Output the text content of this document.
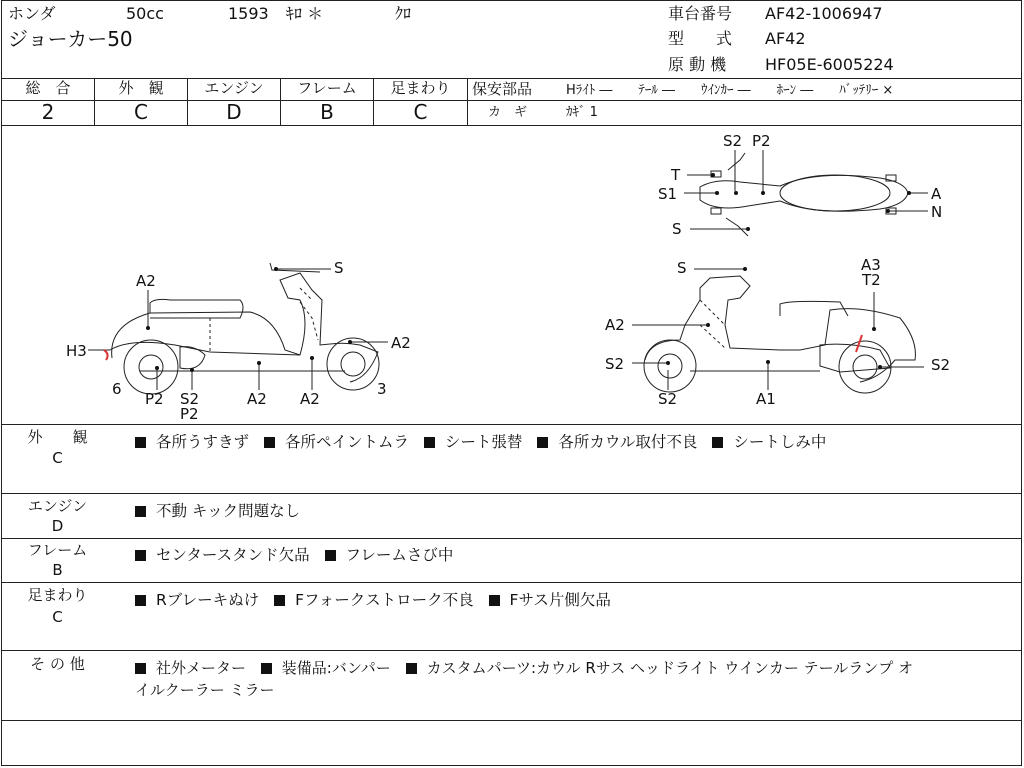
ホンダ	50cc	1593 ｷﾛ ＊	ｸﾛ
ジョーカー50
車台番号 AF42-1006947
型　　式 AF42
原 動 機 HF05E-6005224
総　合
2
外　観
C
エンジン
D
フレーム
B
足まわり
C
保安部品	Hﾗｲﾄ ―　　ﾃｰﾙ ―　　ｳｲﾝｶｰ ―　　ﾎｰﾝ ―　　ﾊﾞｯﾃﾘｰ ×
カ　ギ	ｶｷﾞ 1
S2 P2
T
S1
S
A
N
S
A2
H3	A2
6	3
P2 S2
P2
A2 A2
S	A3
T2
A2
S2	S2
S2	A1
外　　観
C
各所うすきず 各所ペイントムラ シート張替 各所カウル取付不良 シートしみ中
エンジン
D
不動 キック問題なし
フレーム
B
センタースタンド欠品 フレームさび中
足まわり
C
Rブレーキぬけ Fフォークストローク不良 Fサス片側欠品
そ の 他	社外メーター 装備品:バンパー カスタムパーツ:カウル Rサス ヘッドライト ウインカー テールランプ オ
イルクーラー ミラー
